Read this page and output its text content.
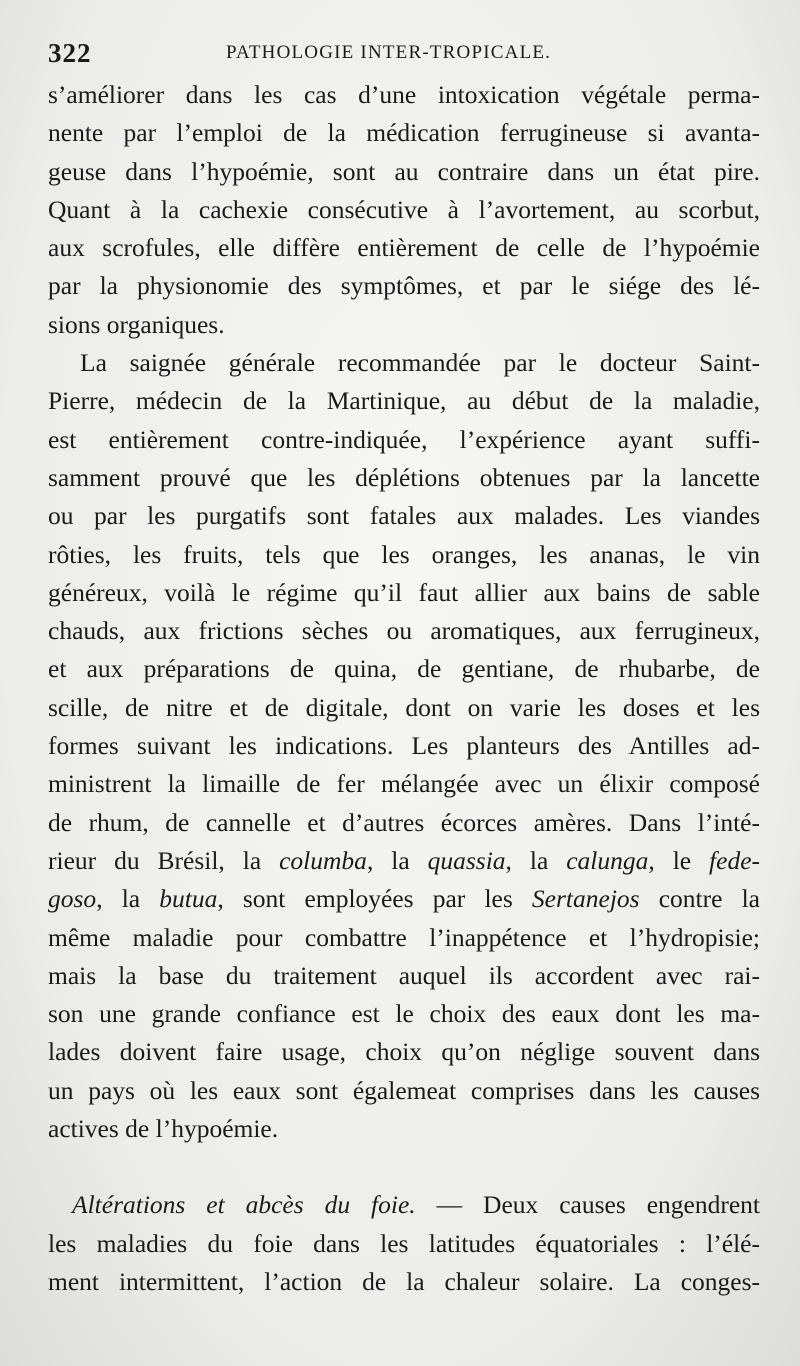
322	PATHOLOGIE INTER-TROPICALE.
s’améliorer dans les cas d’une intoxication végétale perma-
nente par l’emploi de la médication ferrugineuse si avanta-
geuse dans l’hypoémie, sont au contraire dans un état pire.
Quant à la cachexie consécutive à l’avortement, au scorbut,
aux scrofules, elle diffère entièrement de celle de l’hypoémie
par la physionomie des symptômes, et par le siége des lé-
sions organiques.
La saignée générale recommandée par le docteur Saint-
Pierre, médecin de la Martinique, au début de la maladie,
est entièrement contre-indiquée, l’expérience ayant suffi-
samment prouvé que les déplétions obtenues par la lancette
ou par les purgatifs sont fatales aux malades. Les viandes
rôties, les fruits, tels que les oranges, les ananas, le vin
généreux, voilà le régime qu’il faut allier aux bains de sable
chauds, aux frictions sèches ou aromatiques, aux ferrugineux,
et aux préparations de quina, de gentiane, de rhubarbe, de
scille, de nitre et de digitale, dont on varie les doses et les
formes suivant les indications. Les planteurs des Antilles ad-
ministrent la limaille de fer mélangée avec un élixir composé
de rhum, de cannelle et d’autres écorces amères. Dans l’inté-
rieur du Brésil, la columba, la quassia, la calunga, le fede-
goso, la butua, sont employées par les Sertanejos contre la
même maladie pour combattre l’inappétence et l’hydropisie;
mais la base du traitement auquel ils accordent avec rai-
son une grande confiance est le choix des eaux dont les ma-
lades doivent faire usage, choix qu’on néglige souvent dans
un pays où les eaux sont égalemeat comprises dans les causes
actives de l’hypoémie.
Altérations et abcès du foie. — Deux causes engendrent
les maladies du foie dans les latitudes équatoriales : l’élé-
ment intermittent, l’action de la chaleur solaire. La conges-
